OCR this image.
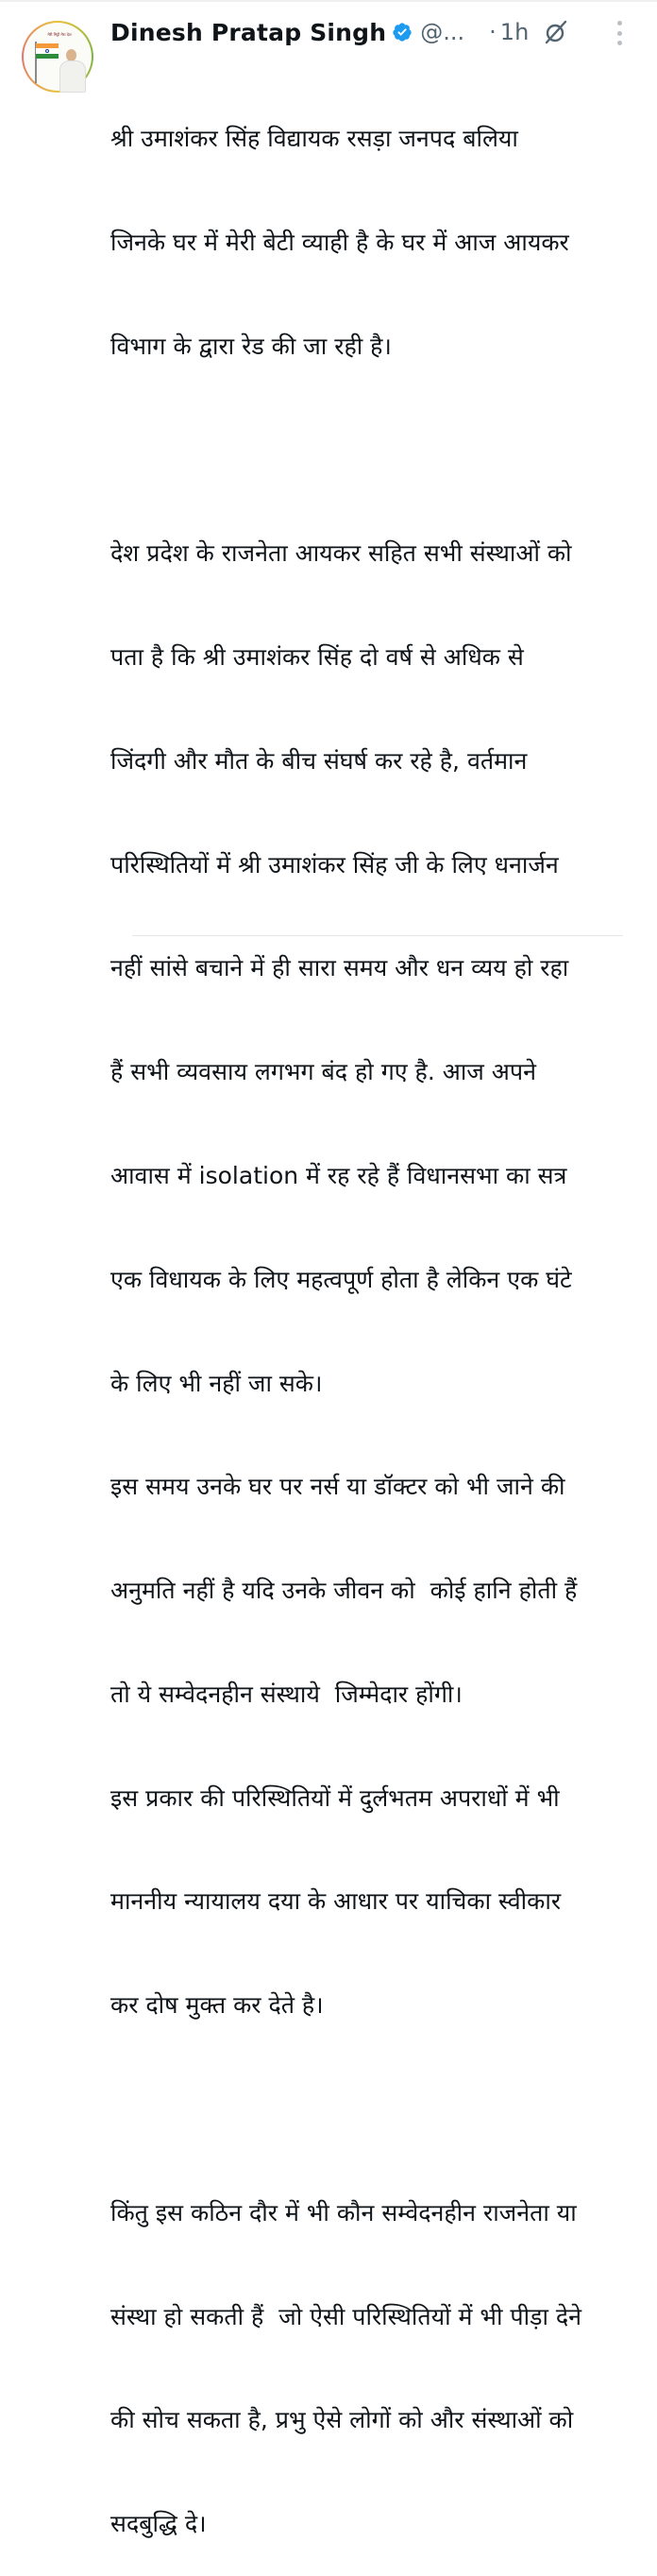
मेरी मिट्टी मेरा देश Dinesh Pratap Singh @... · 1h

श्री उमाशंकर सिंह विद्यायक रसड़ा जनपद बलिया

जिनके घर में मेरी बेटी व्याही है के घर में आज आयकर

विभाग के द्वारा रेड की जा रही है।

देश प्रदेश के राजनेता आयकर सहित सभी संस्थाओं को

पता है कि श्री उमाशंकर सिंह दो वर्ष से अधिक से

जिंदगी और मौत के बीच संघर्ष कर रहे है, वर्तमान

परिस्थितियों में श्री उमाशंकर सिंह जी के लिए धनार्जन

नहीं सांसे बचाने में ही सारा समय और धन व्यय हो रहा

हैं सभी व्यवसाय लगभग बंद हो गए है. आज अपने

आवास में isolation में रह रहे हैं विधानसभा का सत्र

एक विधायक के लिए महत्वपूर्ण होता है लेकिन एक घंटे

के लिए भी नहीं जा सके।

इस समय उनके घर पर नर्स या डॉक्टर को भी जाने की

अनुमति नहीं है यदि उनके जीवन को  कोई हानि होती हैं

तो ये सम्वेदनहीन संस्थाये  जिम्मेदार होंगी।

इस प्रकार की परिस्थितियों में दुर्लभतम अपराधों में भी

माननीय न्यायालय दया के आधार पर याचिका स्वीकार

कर दोष मुक्त कर देते है।

किंतु इस कठिन दौर में भी कौन सम्वेदनहीन राजनेता या

संस्था हो सकती हैं  जो ऐसी परिस्थितियों में भी पीड़ा देने

की सोच सकता है, प्रभु ऐसे लोगों को और संस्थाओं को

सदबुद्धि दे।
